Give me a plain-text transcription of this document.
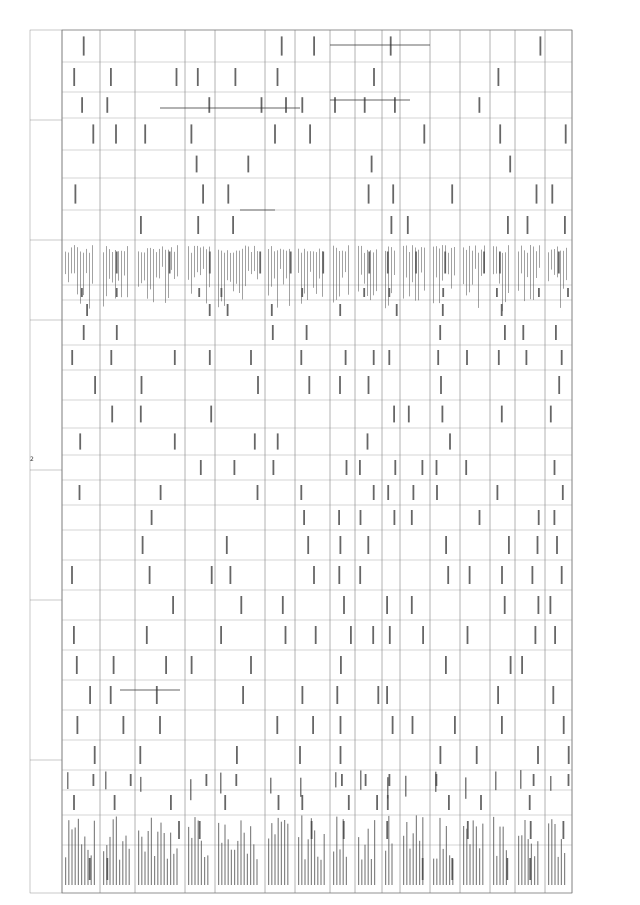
2
